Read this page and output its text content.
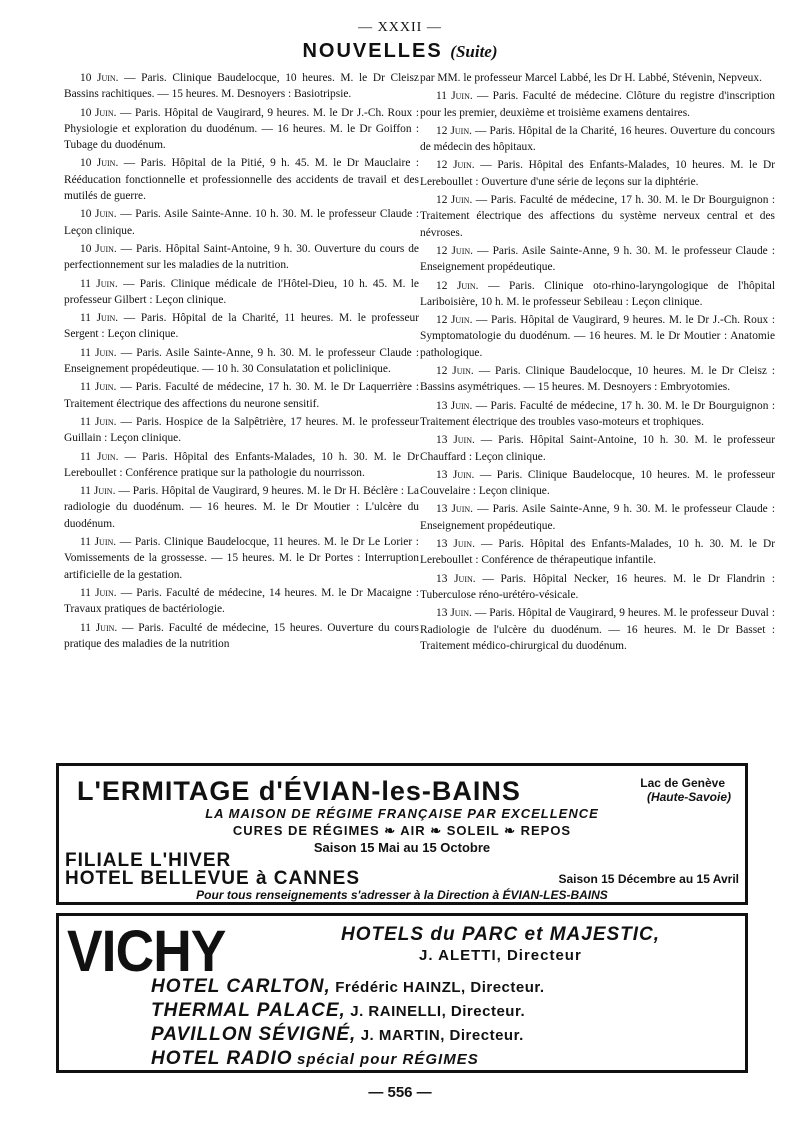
— XXXII —
NOUVELLES (Suite)

10 Juin. — Paris. Clinique Baudelocque, 10 heures. M. le Dr Cleisz Bassins rachitiques. — 15 heures. M. Desnoyers : Basiotripsie.

10 Juin. — Paris. Hôpital de Vaugirard, 9 heures. M. le Dr J.-Ch. Roux : Physiologie et exploration du duodénum. — 16 heures. M. le Dr Goiffon : Tubage du duodénum.

10 Juin. — Paris. Hôpital de la Pitié, 9 h. 45. M. le Dr Mauclaire : Rééducation fonctionnelle et professionnelle des accidents de travail et des mutilés de guerre.

10 Juin. — Paris. Asile Sainte-Anne. 10 h. 30. M. le professeur Claude : Leçon clinique.

10 Juin. — Paris. Hôpital Saint-Antoine, 9 h. 30. Ouverture du cours de perfectionnement sur les maladies de la nutrition.

11 Juin. — Paris. Clinique médicale de l'Hôtel-Dieu, 10 h. 45. M. le professeur Gilbert : Leçon clinique.

11 Juin. — Paris. Hôpital de la Charité, 11 heures. M. le professeur Sergent : Leçon clinique.

11 Juin. — Paris. Asile Sainte-Anne, 9 h. 30. M. le professeur Claude : Enseignement propédeutique. — 10 h. 30 Consulatation et policlinique.

11 Juin. — Paris. Faculté de médecine, 17 h. 30. M. le Dr Laquerrière : Traitement électrique des affections du neurone sensitif.

11 Juin. — Paris. Hospice de la Salpêtrière, 17 heures. M. le professeur Guillain : Leçon clinique.

11 Juin. — Paris. Hôpital des Enfants-Malades, 10 h. 30. M. le Dr Lereboullet : Conférence pratique sur la pathologie du nourrisson.

11 Juin. — Paris. Hôpital de Vaugirard, 9 heures. M. le Dr H. Béclère : La radiologie du duodénum. — 16 heures. M. le Dr Moutier : L'ulcère du duodénum.

11 Juin. — Paris. Clinique Baudelocque, 11 heures. M. le Dr Le Lorier : Vomissements de la grossesse. — 15 heures. M. le Dr Portes : Interruption artificielle de la gestation.

11 Juin. — Paris. Faculté de médecine, 14 heures. M. le Dr Macaigne : Travaux pratiques de bactériologie.

11 Juin. — Paris. Faculté de médecine, 15 heures. Ouverture du cours pratique des maladies de la nutrition

par MM. le professeur Marcel Labbé, les Dr H. Labbé, Stévenin, Nepveux.

11 Juin. — Paris. Faculté de médecine. Clôture du registre d'inscription pour les premier, deuxième et troisième examens dentaires.

12 Juin. — Paris. Hôpital de la Charité, 16 heures. Ouverture du concours de médecin des hôpitaux.

12 Juin. — Paris. Hôpital des Enfants-Malades, 10 heures. M. le Dr Lereboullet : Ouverture d'une série de leçons sur la diphtérie.

12 Juin. — Paris. Faculté de médecine, 17 h. 30. M. le Dr Bourguignon : Traitement électrique des affections du système nerveux central et des névroses.

12 Juin. — Paris. Asile Sainte-Anne, 9 h. 30. M. le professeur Claude : Enseignement propédeutique.

12 Juin. — Paris. Clinique oto-rhino-laryngologique de l'hôpital Lariboisière, 10 h. M. le professeur Sebileau : Leçon clinique.

12 Juin. — Paris. Hôpital de Vaugirard, 9 heures. M. le Dr J.-Ch. Roux : Symptomatologie du duodénum. — 16 heures. M. le Dr Moutier : Anatomie pathologique.

12 Juin. — Paris. Clinique Baudelocque, 10 heures. M. le Dr Cleisz : Bassins asymétriques. — 15 heures. M. Desnoyers : Embryotomies.

13 Juin. — Paris. Faculté de médecine, 17 h. 30. M. le Dr Bourguignon : Traitement électrique des troubles vaso-moteurs et trophiques.

13 Juin. — Paris. Hôpital Saint-Antoine, 10 h. 30. M. le professeur Chauffard : Leçon clinique.

13 Juin. — Paris. Clinique Baudelocque, 10 heures. M. le professeur Couvelaire : Leçon clinique.

13 Juin. — Paris. Asile Sainte-Anne, 9 h. 30. M. le professeur Claude : Enseignement propédeutique.

13 Juin. — Paris. Hôpital des Enfants-Malades, 10 h. 30. M. le Dr Lereboullet : Conférence de thérapeutique infantile.

13 Juin. — Paris. Hôpital Necker, 16 heures. M. le Dr Flandrin : Tuberculose réno-urétéro-vésicale.

13 Juin. — Paris. Hôpital de Vaugirard, 9 heures. M. le professeur Duval : Radiologie de l'ulcère du duodénum. — 16 heures. M. le Dr Basset : Traitement médico-chirurgical du duodénum.

L'ERMITAGE d'ÉVIAN-les-BAINS	Lac de Genève
(Haute-Savoie)
LA MAISON DE RÉGIME FRANÇAISE PAR EXCELLENCE
CURES DE RÉGIMES ❧ AIR ❧ SOLEIL ❧ REPOS
Saison 15 Mai au 15 Octobre
FILIALE L'HIVER
HOTEL BELLEVUE à CANNES	Saison 15 Décembre au 15 Avril
Pour tous renseignements s'adresser à la Direction à ÉVIAN-LES-BAINS
VICHY	HOTELS du PARC et MAJESTIC,
J. ALETTI, Directeur
HOTEL CARLTON, Frédéric HAINZL, Directeur.
THERMAL PALACE, J. RAINELLI, Directeur.
PAVILLON SÉVIGNÉ, J. MARTIN, Directeur.
HOTEL RADIO spécial pour RÉGIMES
— 556 —
